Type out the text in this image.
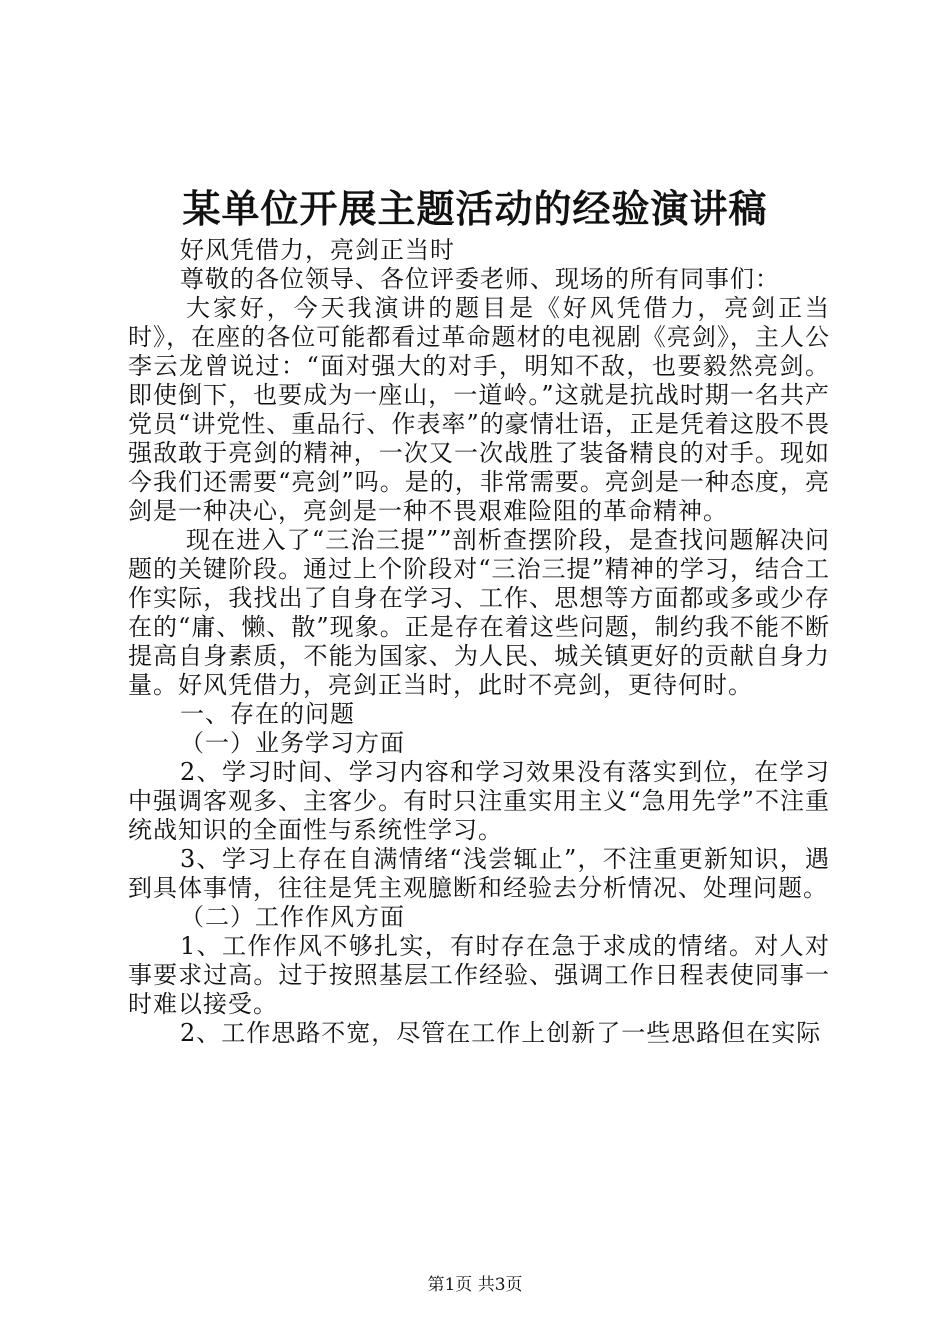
某单位开展主题活动的经验演讲稿

好风凭借力，亮剑正当时

尊敬的各位领导、各位评委老师、现场的所有同事们：

大家好，今天我演讲的题目是《好风凭借力，亮剑正当时》，在座的各位可能都看过革命题材的电视剧《亮剑》，主人公李云龙曾说过：“面对强大的对手，明知不敌，也要毅然亮剑。即使倒下，也要成为一座山，一道岭。”这就是抗战时期一名共产党员“讲党性、重品行、作表率”的豪情壮语，正是凭着这股不畏强敌敢于亮剑的精神，一次又一次战胜了装备精良的对手。现如今我们还需要“亮剑”吗。是的，非常需要。亮剑是一种态度，亮剑是一种决心，亮剑是一种不畏艰难险阻的革命精神。

现在进入了“三治三提””剖析查摆阶段，是查找问题解决问题的关键阶段。通过上个阶段对“三治三提”精神的学习，结合工作实际，我找出了自身在学习、工作、思想等方面都或多或少存在的“庸、懒、散”现象。正是存在着这些问题，制约我不能不断提高自身素质，不能为国家、为人民、城关镇更好的贡献自身力量。好风凭借力，亮剑正当时，此时不亮剑，更待何时。

一、存在的问题

（一）业务学习方面

2、学习时间、学习内容和学习效果没有落实到位，在学习中强调客观多、主客少。有时只注重实用主义“急用先学”不注重统战知识的全面性与系统性学习。

3、学习上存在自满情绪“浅尝辄止”，不注重更新知识，遇到具体事情，往往是凭主观臆断和经验去分析情况、处理问题。

（二）工作作风方面

1、工作作风不够扎实，有时存在急于求成的情绪。对人对事要求过高。过于按照基层工作经验、强调工作日程表使同事一时难以接受。

2、工作思路不宽，尽管在工作上创新了一些思路但在实际

第1页 共3页
